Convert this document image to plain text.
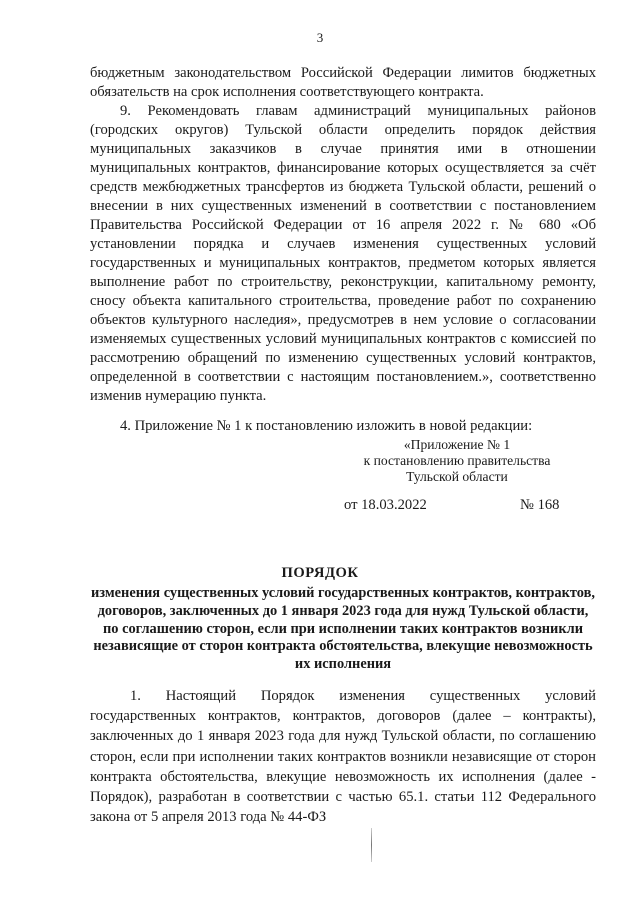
3

бюджетным законодательством Российской Федерации лимитов бюджетных обязательств на срок исполнения соответствующего контракта.

9. Рекомендовать главам администраций муниципальных районов (городских округов) Тульской области определить порядок действия муниципальных заказчиков в случае принятия ими в отношении муниципальных контрактов, финансирование которых осуществляется за счёт средств межбюджетных трансфертов из бюджета Тульской области, решений о внесении в них существенных изменений в соответствии с постановлением Правительства Российской Федерации от 16 апреля 2022 г. № 680 «Об установлении порядка и случаев изменения существенных условий государственных и муниципальных контрактов, предметом которых является выполнение работ по строительству, реконструкции, капитальному ремонту, сносу объекта капитального строительства, проведение работ по сохранению объектов культурного наследия», предусмотрев в нем условие о согласовании изменяемых существенных условий муниципальных контрактов с комиссией по рассмотрению обращений по изменению существенных условий контрактов, определенной в соответствии с настоящим постановлением.», соответственно изменив нумерацию пункта.

4. Приложение № 1 к постановлению изложить в новой редакции:

«Приложение № 1
к постановлению правительства
Тульской области
от 18.03.2022	№ 168
ПОРЯДОК
изменения существенных условий государственных контрактов, контрактов, договоров, заключенных до 1 января 2023 года для нужд Тульской области, по соглашению сторон, если при исполнении таких контрактов возникли независящие от сторон контракта обстоятельства, влекущие невозможность их исполнения

1. Настоящий Порядок изменения существенных условий государственных контрактов, контрактов, договоров (далее – контракты), заключенных до 1 января 2023 года для нужд Тульской области, по соглашению сторон, если при исполнении таких контрактов возникли независящие от сторон контракта обстоятельства, влекущие невозможность их исполнения (далее - Порядок), разработан в соответствии с частью 65.1. статьи 112 Федерального закона от 5 апреля 2013 года № 44-ФЗ
